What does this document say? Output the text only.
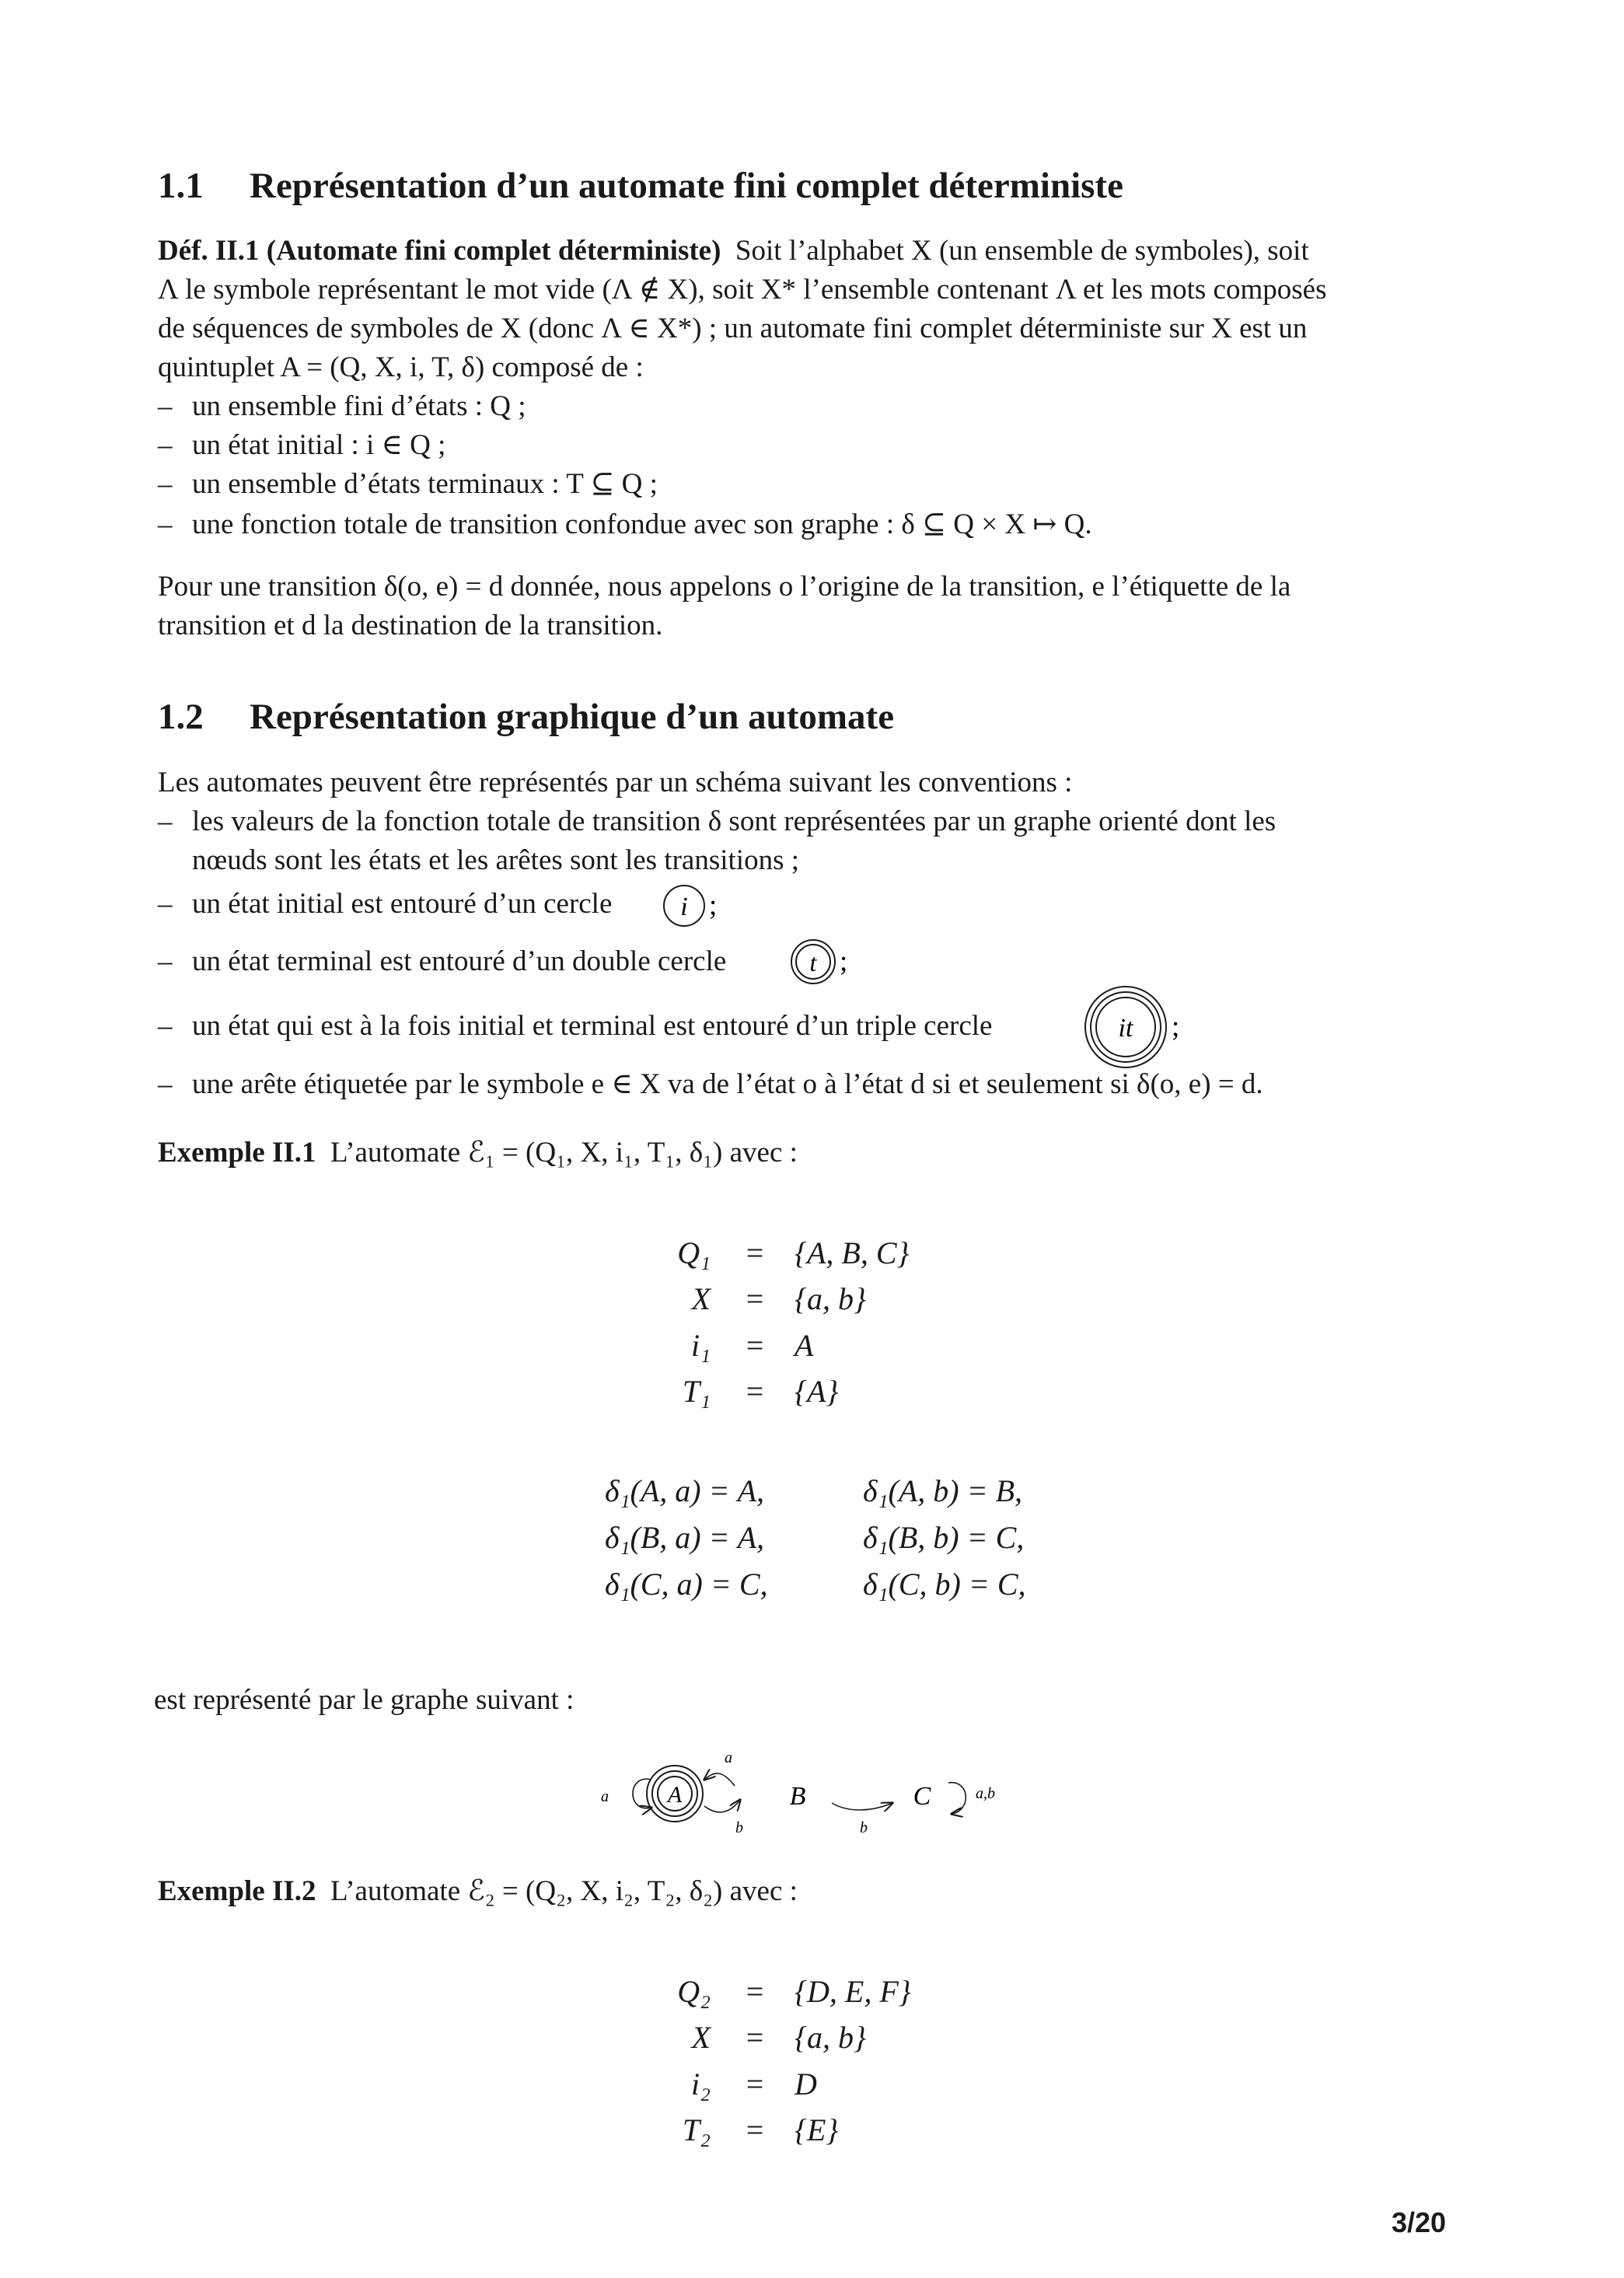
1.1 Représentation d’un automate fini complet déterministe
Déf. II.1 (Automate fini complet déterministe) Soit l’alphabet X (un ensemble de symboles), soit
Λ le symbole représentant le mot vide (Λ ∉ X), soit X* l’ensemble contenant Λ et les mots composés
de séquences de symboles de X (donc Λ ∈ X*) ; un automate fini complet déterministe sur X est un
quintuplet A = (Q, X, i, T, δ) composé de :
– un ensemble fini d’états : Q ;
– un état initial : i ∈ Q ;
– un ensemble d’états terminaux : T ⊆ Q ;
– une fonction totale de transition confondue avec son graphe : δ ⊆ Q × X ↦ Q.
Pour une transition δ(o, e) = d donnée, nous appelons o l’origine de la transition, e l’étiquette de la
transition et d la destination de la transition.
1.2 Représentation graphique d’un automate
Les automates peuvent être représentés par un schéma suivant les conventions :
– les valeurs de la fonction totale de transition δ sont représentées par un graphe orienté dont les
nœuds sont les états et les arêtes sont les transitions ;
– un état initial est entouré d’un cercle	i ;
– un état terminal est entouré d’un double cercle	t ;
– un état qui est à la fois initial et terminal est entouré d’un triple cercle	it ;
– une arête étiquetée par le symbole e ∈ X va de l’état o à l’état d si et seulement si δ(o, e) = d.
Exemple II.1 L’automate ℰ₁ = (Q₁, X, i₁, T₁, δ₁) avec :
Q₁	= {A, B, C}
X	= {a, b}
i₁	= A
T₁	= {A}
δ₁(A, a) = A,	δ₁(A, b) = B,
δ₁(B, a) = A,	δ₁(B, b) = C,
δ₁(C, a) = C,	δ₁(C, b) = C,
est représenté par le graphe suivant :
A
a
a
b
B
b
C	a,b
Exemple II.2 L’automate ℰ₂ = (Q₂, X, i₂, T₂, δ₂) avec :
Q₂	= {D, E, F}
X	= {a, b}
i₂	= D
T₂	= {E}
3/20
